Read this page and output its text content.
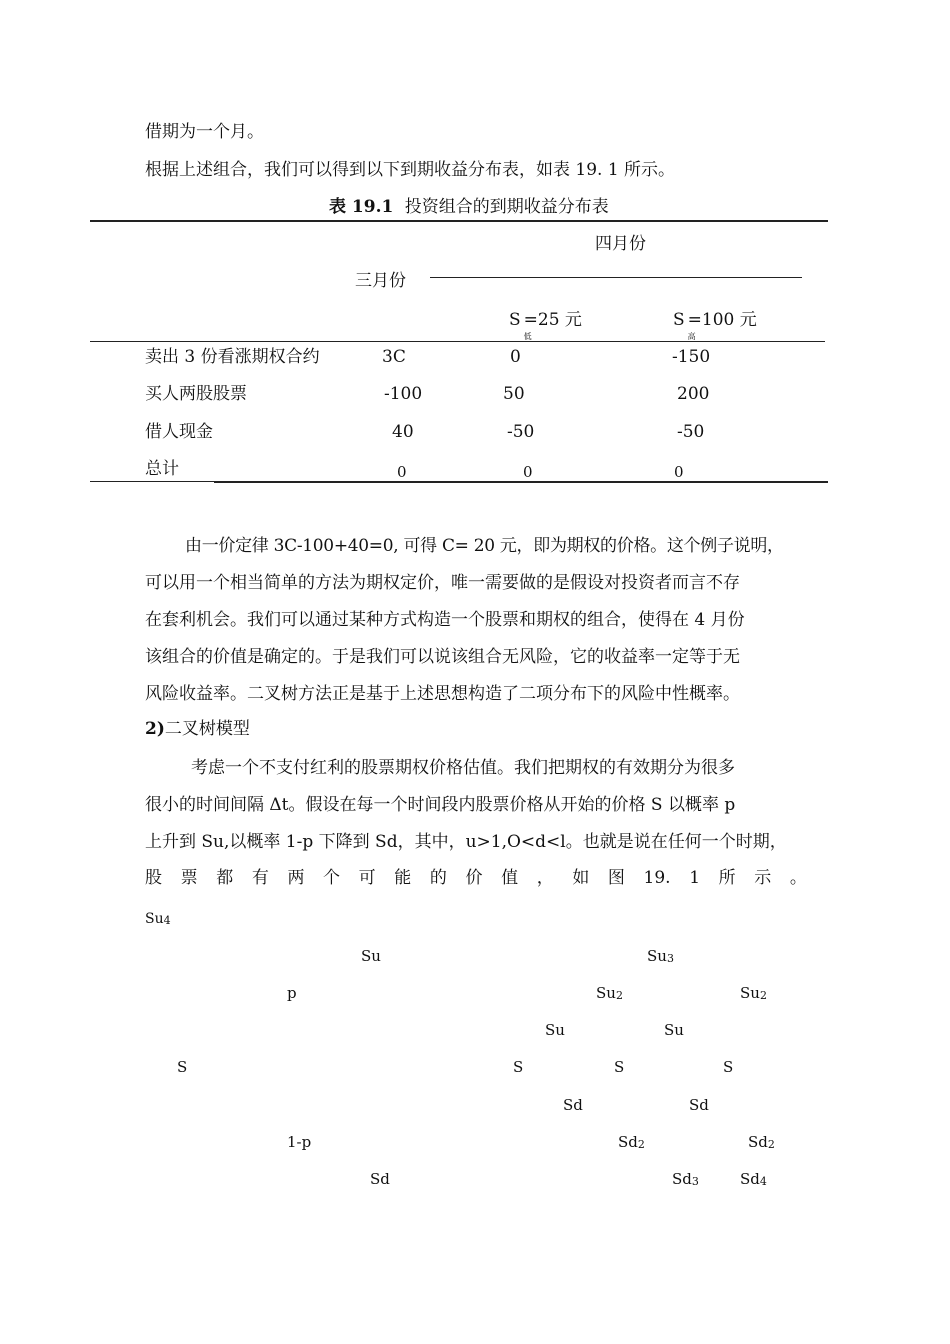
借期为一个月。
根据上述组合，我们可以得到以下到期收益分布表，如表 19. 1 所示。
表 19.1 投资组合的到期收益分布表
四月份
三月份
$S_低=25$ 元	$S_高=100$ 元
卖出 3 份看涨期权合约	3C	0	-150
买人两股股票	-100	50	200
借人现金	40	-50	-50
总计	0	0	0

由一价定律 3C-100+40=0, 可得 C= 20 元，即为期权的价格。这个例子说明，

可以用一个相当简单的方法为期权定价，唯一需要做的是假设对投资者而言不存

在套利机会。我们可以通过某种方式构造一个股票和期权的组合，使得在 4 月份

该组合的价值是确定的。于是我们可以说该组合无风险，它的收益率一定等于无

风险收益率。二叉树方法正是基于上述思想构造了二项分布下的风险中性概率。

2)二叉树模型

考虑一个不支付红利的股票期权价格估值。我们把期权的有效期分为很多

很小的时间间隔 Δt。假设在每一个时间段内股票价格从开始的价格 S 以概率 p

上升到 Su,以概率 1-p 下降到 Sd，其中，u>1,O<d<l。也就是说在任何一个时期，

股 票 都 有 两 个 可 能 的 价 值 ， 如 图 19. 1 所 示 。
Su4
Su	Su3
p	Su2	Su2
Su	Su
S	S	S	S
Sd	Sd
1-p	Sd2	Sd2
Sd	Sd3	Sd4
